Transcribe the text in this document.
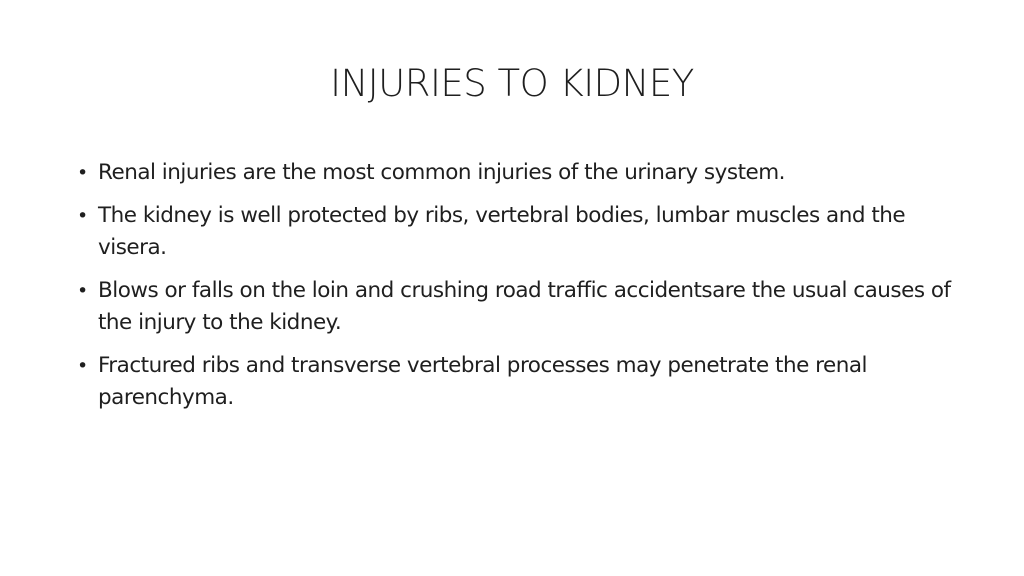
INJURIES TO KIDNEY
• Renal injuries are the most common injuries of the urinary system.
• The kidney is well protected by ribs, vertebral bodies, lumbar muscles and the visera.
• Blows or falls on the loin and crushing road traffic accidentsare the usual causes of the injury to the kidney.
• Fractured ribs and transverse vertebral processes may penetrate the renal parenchyma.
